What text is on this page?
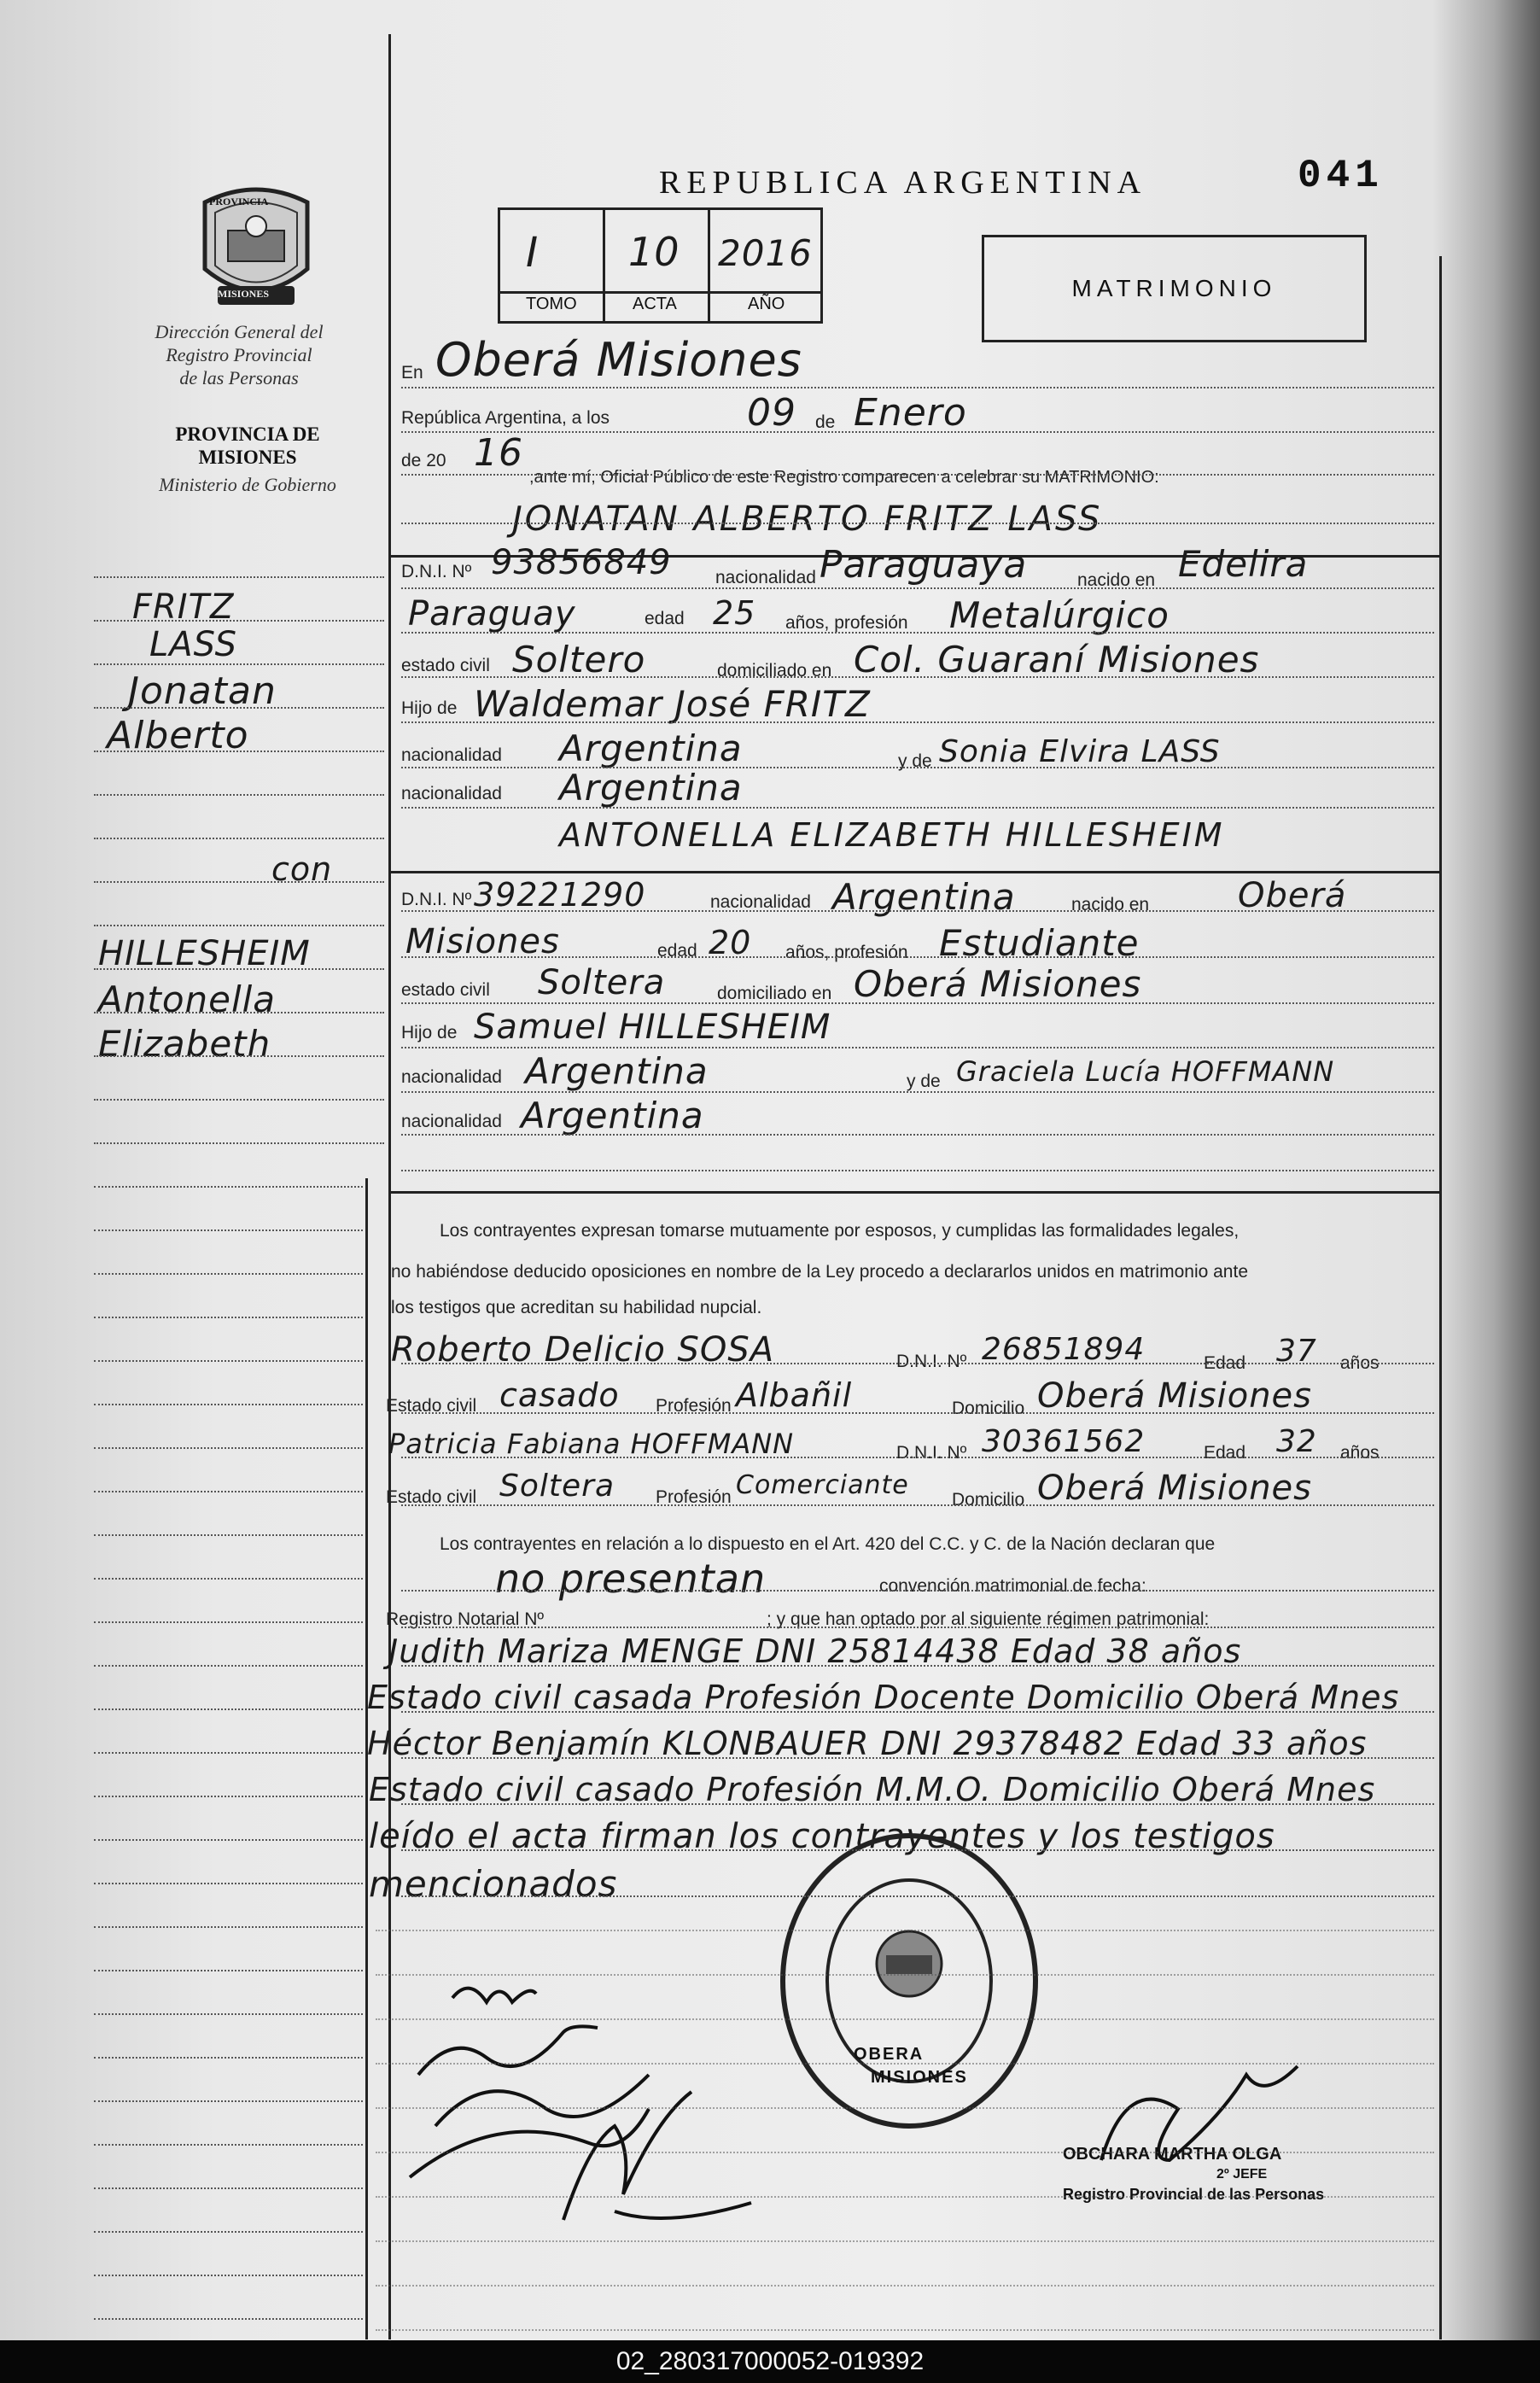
PROVINCIA
MISIONES
Dirección General del
Registro Provincial
de las Personas
PROVINCIA DE
MISIONES
Ministerio de Gobierno
FRITZ
LASS
Jonatan
Alberto
con
HILLESHEIM
Antonella
Elizabeth
REPUBLICA ARGENTINA	041
I 10 2016
TOMO	ACTA	AÑO
MATRIMONIO
En Oberá Misiones
República Argentina, a los	09 de Enero
de 20 16
,ante mí, Oficial Público de este Registro comparecen a celebrar su MATRIMONIO:
JONATAN ALBERTO FRITZ LASS
D.N.I. Nº 93856849 nacionalidad Paraguaya	nacido en Edelira
Paraguay	edad 25 años, profesión Metalúrgico
estado civil Soltero	domiciliado en Col. Guaraní Misiones
Hijo de Waldemar José FRITZ
nacionalidad Argentina	y de Sonia Elvira LASS
nacionalidad Argentina
ANTONELLA ELIZABETH HILLESHEIM
D.N.I. Nº 39221290	nacionalidad Argentina	nacido en	Oberá
Misiones	edad 20 años, profesión Estudiante
estado civil Soltera	domiciliado en Oberá Misiones
Hijo de Samuel HILLESHEIM
nacionalidad Argentina	y de Graciela Lucía HOFFMANN
nacionalidad Argentina
Los contrayentes expresan tomarse mutuamente por esposos, y cumplidas las formalidades legales,
no habiéndose deducido oposiciones en nombre de la Ley procedo a declararlos unidos en matrimonio ante
los testigos que acreditan su habilidad nupcial.
Roberto Delicio SOSA	D.N.I. Nº 26851894	Edad 37 años
Estado civil casado Profesión Albañil	Domicilio Oberá Misiones
Patricia Fabiana HOFFMANN	D.N.I. Nº 30361562	Edad 32 años
Estado civil Soltera Profesión Comerciante Domicilio Oberá Misiones
Los contrayentes en relación a lo dispuesto en el Art. 420 del C.C. y C. de la Nación declaran que
no presentan	convención matrimonial de fecha:
Registro Notarial Nº	; y que han optado por al siguiente régimen patrimonial:
Judith Mariza MENGE DNI 25814438 Edad 38 años
Estado civil casada Profesión Docente Domicilio Oberá Mnes
Héctor Benjamín KLONBAUER DNI 29378482 Edad 33 años
Estado civil casado Profesión M.M.O. Domicilio Oberá Mnes
leído el acta firman los contrayentes y los testigos
mencionados
OBERA
MISIONES
OBCHARA MARTHA OLGA
2º JEFE
Registro Provincial de las Personas
02_280317000052-019392
